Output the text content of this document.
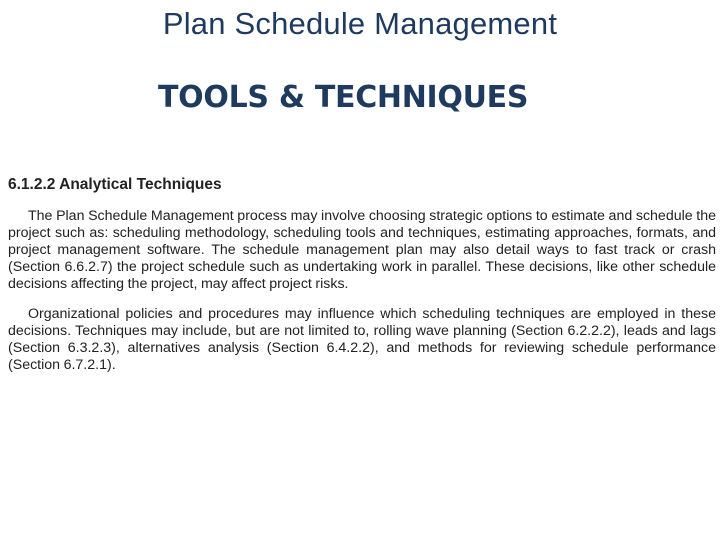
Plan Schedule Management
TOOLS & TECHNIQUES
6.1.2.2 Analytical Techniques

The Plan Schedule Management process may involve choosing strategic options to estimate and schedule the project such as: scheduling methodology, scheduling tools and techniques, estimating approaches, formats, and project management software. The schedule management plan may also detail ways to fast track or crash (Section 6.6.2.7) the project schedule such as undertaking work in parallel. These decisions, like other schedule decisions affecting the project, may affect project risks.

Organizational policies and procedures may influence which scheduling techniques are employed in these decisions. Techniques may include, but are not limited to, rolling wave planning (Section 6.2.2.2), leads and lags (Section 6.3.2.3), alternatives analysis (Section 6.4.2.2), and methods for reviewing schedule performance (Section 6.7.2.1).
